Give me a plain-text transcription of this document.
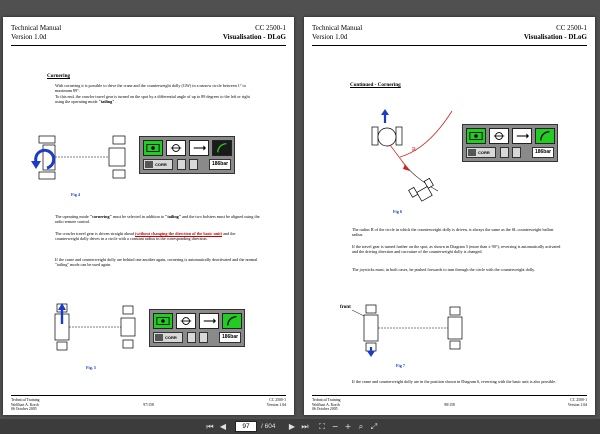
Technical Manual
Version 1.0d
CC 2500-1
Visualisation - DLoG
Cornering
With cornering it is possible to drive the crane and the counterweight dolly (GW) in a narrow circle between 1° to maximum 89°.
To this end, the crawler travel gear is turned on the spot by a differential angle of up to 89 degrees to the left or right using the operating mode "tailing".
CORR	186bar
Fig 4
The operating mode "cornering" must be selected in addition to "tailing" and the two bolsters must be aligned using the radio remote control.
The crawler travel gear is driven straight ahead (without changing the direction of the basic unit) and the counterweight dolly drives in a circle with a constant radius in the corresponding direction.
If the crane and counterweight dolly are behind one another again, cornering is automatically deactivated and the normal "tailing" mode can be used again.
CORR	186bar
Fig. 5
Technical Training
Wolfhart A. Korth
06 October 2005
97/158
CC 2500-1
Version 1.0d
Technical Manual
Version 1.0d
CC 2500-1
Visualisation - DLoG
Continued - Cornering
R	CORR	186bar
Fig 6
The radius R of the circle in which the counterweight dolly is driven, is always the same as the SL counterweight ballast radius.
If the travel gear is turned further on the spot, as shown in Diagram 5 (more than ± 90°), reversing is automatically activated and the driving direction and curvature of the counterweight dolly is changed.
The joysticks must, in both cases, be pushed forwards to turn through the circle with the counterweight dolly.
front
Fig 7
If the crane and counterweight dolly are in the position shown in Diagram 6, reversing with the basic unit is also possible.
Technical Training
Wolfhart A. Korth
06 October 2005
98/158
CC 2500-1
Version 1.0d
⏮ ◀
97	/ 604 ▶ ⏭ ⛶ − + ⌕ ⤢
